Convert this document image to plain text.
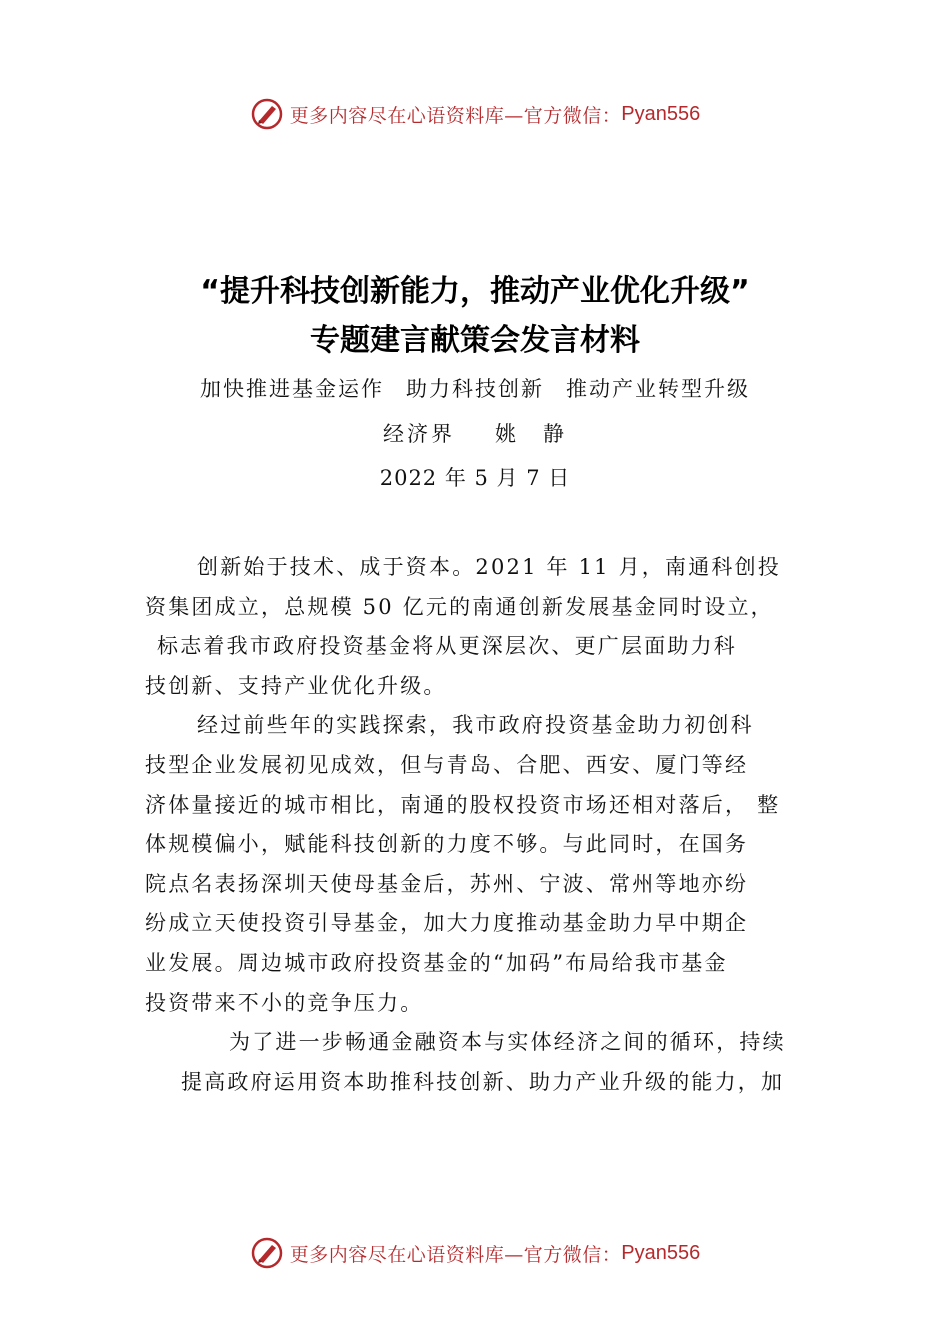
更多内容尽在心语资料库—官方微信： Pyan556
“提升科技创新能力，推动产业优化升级”
专题建言献策会发言材料
加快推进基金运作 助力科技创新 推动产业转型升级
经济界 姚　静
2022 年 5 月 7 日
创新始于技术、成于资本。2021 年 11 月，南通科创投
资集团成立，总规模 50 亿元的南通创新发展基金同时设立，
标志着我市政府投资基金将从更深层次、更广层面助力科
技创新、支持产业优化升级。
经过前些年的实践探索，我市政府投资基金助力初创科
技型企业发展初见成效，但与青岛、合肥、西安、厦门等经
济体量接近的城市相比，南通的股权投资市场还相对落后， 整
体规模偏小，赋能科技创新的力度不够。与此同时，在国务
院点名表扬深圳天使母基金后，苏州、宁波、常州等地亦纷
纷成立天使投资引导基金，加大力度推动基金助力早中期企
业发展。周边城市政府投资基金的“加码”布局给我市基金
投资带来不小的竞争压力。
为了进一步畅通金融资本与实体经济之间的循环，持续
提高政府运用资本助推科技创新、助力产业升级的能力，加
更多内容尽在心语资料库—官方微信： Pyan556
